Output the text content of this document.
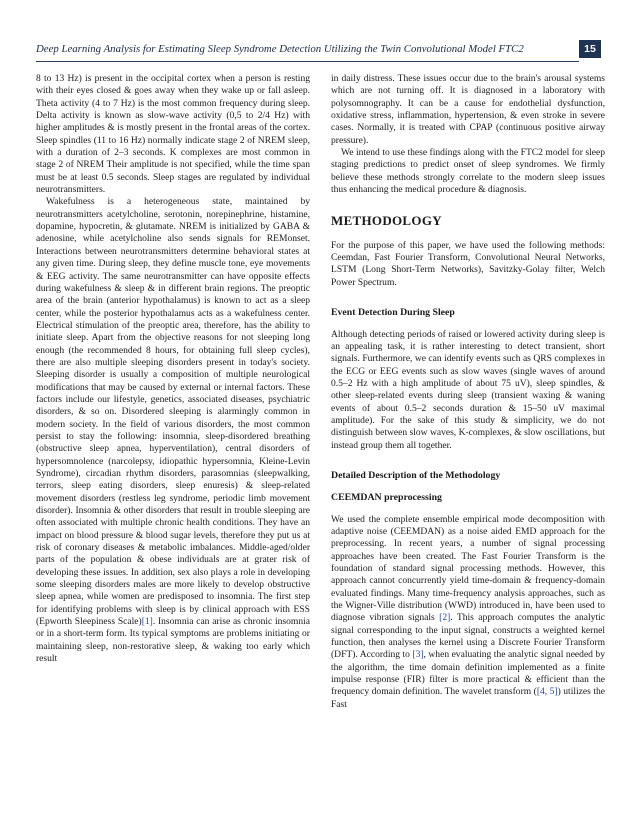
Deep Learning Analysis for Estimating Sleep Syndrome Detection Utilizing the Twin Convolutional Model FTC2	15

8 to 13 Hz) is present in the occipital cortex when a person is resting with their eyes closed & goes away when they wake up or fall asleep. Theta activity (4 to 7 Hz) is the most common frequency during sleep. Delta activity is known as slow-wave activity (0,5 to 2/4 Hz) with higher amplitudes & is mostly present in the frontal areas of the cortex. Sleep spindles (11 to 16 Hz) normally indicate stage 2 of NREM sleep, with a duration of 2–3 seconds. K complexes are most common in stage 2 of NREM Their amplitude is not specified, while the time span must be at least 0.5 seconds. Sleep stages are regulated by individual neurotransmitters.

Wakefulness is a heterogeneous state, maintained by neurotransmitters acetylcholine, serotonin, norepinephrine, histamine, dopamine, hypocretin, & glutamate. NREM is initialized by GABA & adenosine, while acetylcholine also sends signals for REMonset. Interactions between neurotransmitters determine behavioral states at any given time. During sleep, they define muscle tone, eye movements & EEG activity. The same neurotransmitter can have opposite effects during wakefulness & sleep & in different brain regions. The preoptic area of the brain (anterior hypothalamus) is known to act as a sleep center, while the posterior hypothalamus acts as a wakefulness center. Electrical stimulation of the preoptic area, therefore, has the ability to initiate sleep. Apart from the objective reasons for not sleeping long enough (the recommended 8 hours, for obtaining full sleep cycles), there are also multiple sleeping disorders present in today's society. Sleeping disorder is usually a composition of multiple neurological modifications that may be caused by external or internal factors. These factors include our lifestyle, genetics, associated diseases, psychiatric disorders, & so on. Disordered sleeping is alarmingly common in modern society. In the field of various disorders, the most common persist to stay the following: insomnia, sleep-disordered breathing (obstructive sleep apnea, hyperventilation), central disorders of hypersomnolence (narcolepsy, idiopathic hypersomnia, Kleine-Levin Syndrome), circadian rhythm disorders, parasomnias (sleepwalking, terrors, sleep eating disorders, sleep enuresis) & sleep-related movement disorders (restless leg syndrome, periodic limb movement disorder). Insomnia & other disorders that result in trouble sleeping are often associated with multiple chronic health conditions. They have an impact on blood pressure & blood sugar levels, therefore they put us at risk of coronary diseases & metabolic imbalances. Middle-aged/older parts of the population & obese individuals are at grater risk of developing these issues. In addition, sex also plays a role in developing some sleeping disorders males are more likely to develop obstructive sleep apnea, while women are predisposed to insomnia. The first step for identifying problems with sleep is by clinical approach with ESS (Epworth Sleepiness Scale)[1]. Insomnia can arise as chronic insomnia or in a short-term form. Its typical symptoms are problems initiating or maintaining sleep, non-restorative sleep, & waking too early which result

in daily distress. These issues occur due to the brain's arousal systems which are not turning off. It is diagnosed in a laboratory with polysomnography. It can be a cause for endothelial dysfunction, oxidative stress, inflammation, hypertension, & even stroke in severe cases. Normally, it is treated with CPAP (continuous positive airway pressure).

We intend to use these findings along with the FTC2 model for sleep staging predictions to predict onset of sleep syndromes. We firmly believe these methods strongly correlate to the modern sleep issues thus enhancing the medical procedure & diagnosis.

METHODOLOGY

For the purpose of this paper, we have used the following methods: Ceemdan, Fast Fourier Transform, Convolutional Neural Networks, LSTM (Long Short-Term Networks), Savitzky-Golay filter, Welch Power Spectrum.

Event Detection During Sleep

Although detecting periods of raised or lowered activity during sleep is an appealing task, it is rather interesting to detect transient, short signals. Furthermore, we can identify events such as QRS complexes in the ECG or EEG events such as slow waves (single waves of around 0.5–2 Hz with a high amplitude of about 75 uV), sleep spindles, & other sleep-related events during sleep (transient waxing & waning events of about 0.5–2 seconds duration & 15–50 uV maximal amplitude). For the sake of this study & simplicity, we do not distinguish between slow waves, K-complexes, & slow oscillations, but instead group them all together.

Detailed Description of the Methodology
CEEMDAN preprocessing

We used the complete ensemble empirical mode decomposition with adaptive noise (CEEMDAN) as a noise aided EMD approach for the preprocessing. In recent years, a number of signal processing approaches have been created. The Fast Fourier Transform is the foundation of standard signal processing methods. However, this approach cannot concurrently yield time-domain & frequency-domain evaluated findings. Many time-frequency analysis approaches, such as the Wigner-Ville distribution (WWD) introduced in, have been used to diagnose vibration signals [2]. This approach computes the analytic signal corresponding to the input signal, constructs a weighted kernel function, then analyses the kernel using a Discrete Fourier Transform (DFT). According to [3], when evaluating the analytic signal needed by the algorithm, the time domain definition implemented as a finite impulse response (FIR) filter is more practical & efficient than the frequency domain definition. The wavelet transform ([4, 5]) utilizes the Fast
